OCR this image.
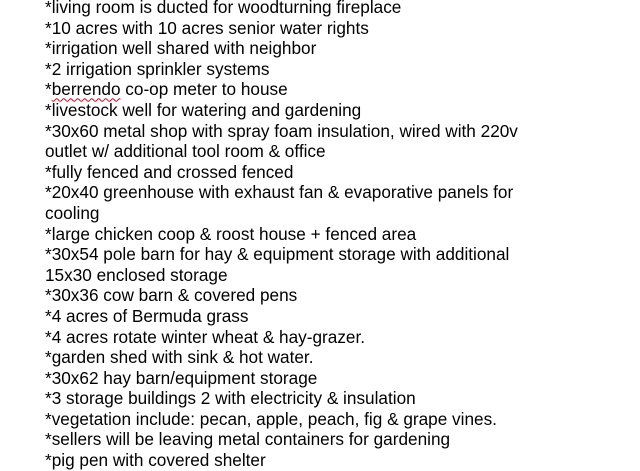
*living room is ducted for woodturning fireplace
*10 acres with 10 acres senior water rights
*irrigation well shared with neighbor
*2 irrigation sprinkler systems
*berrendo co-op meter to house
*livestock well for watering and gardening
*30x60 metal shop with spray foam insulation, wired with 220v
outlet w/ additional tool room & office
*fully fenced and crossed fenced
*20x40 greenhouse with exhaust fan & evaporative panels for
cooling
*large chicken coop & roost house + fenced area
*30x54 pole barn for hay & equipment storage with additional
15x30 enclosed storage
*30x36 cow barn & covered pens
*4 acres of Bermuda grass
*4 acres rotate winter wheat & hay-grazer.
*garden shed with sink & hot water.
*30x62 hay barn/equipment storage
*3 storage buildings 2 with electricity & insulation
*vegetation include: pecan, apple, peach, fig & grape vines.
*sellers will be leaving metal containers for gardening
*pig pen with covered shelter
